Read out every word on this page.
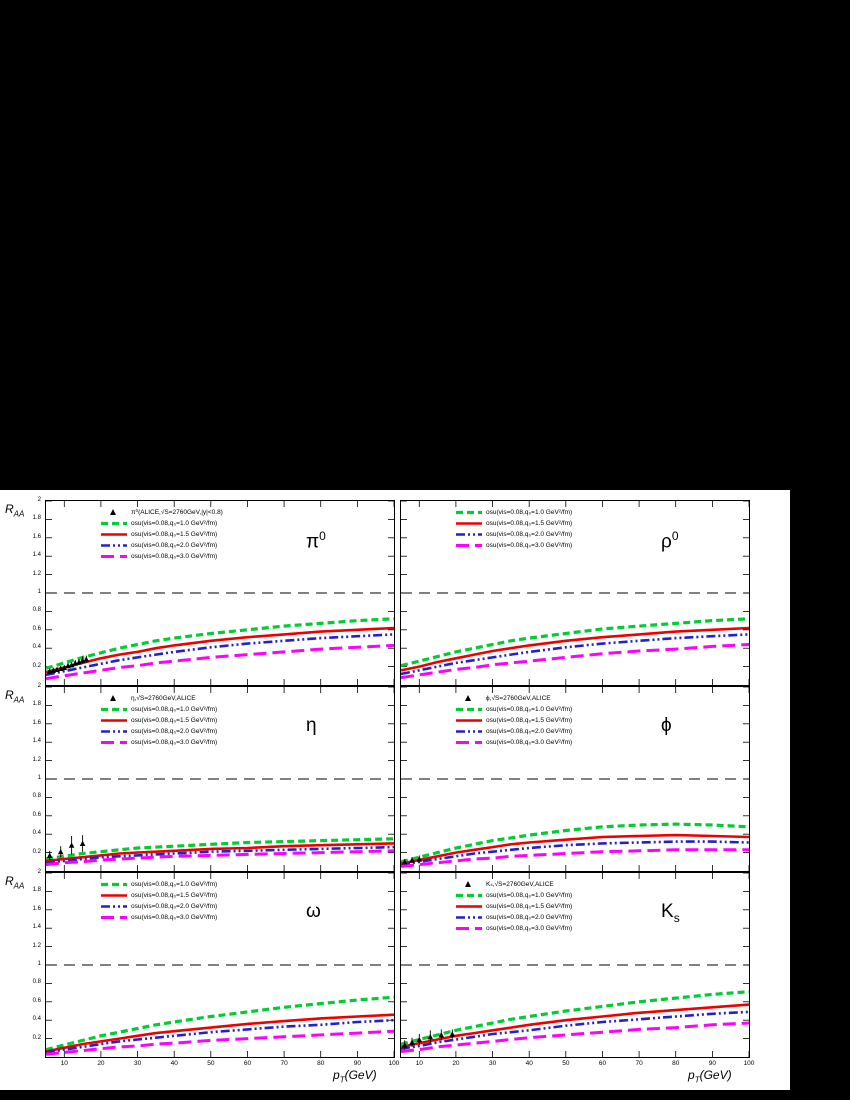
π⁰(ALICE,√S=2760GeV,|y|<0.8)
osu(vis=0.08,q₀=1.0 GeV²/fm)
osu(vis=0.08,q₀=1.5 GeV²/fm)
osu(vis=0.08,q₀=2.0 GeV²/fm)
osu(vis=0.08,q₀=3.0 GeV²/fm)
$\pi^0$
0.2
0.4
0.6
0.8
1
1.2
1.4
1.6
1.8
2
$R_{AA}$	osu(vis=0.08,q₀=1.0 GeV²/fm)
osu(vis=0.08,q₀=1.5 GeV²/fm)
osu(vis=0.08,q₀=2.0 GeV²/fm)
osu(vis=0.08,q₀=3.0 GeV²/fm)	$\rho^0$
η,√S=2760GeV,ALICE
osu(vis=0.08,q₀=1.0 GeV²/fm)
osu(vis=0.08,q₀=1.5 GeV²/fm)
osu(vis=0.08,q₀=2.0 GeV²/fm)
osu(vis=0.08,q₀=3.0 GeV²/fm)
η
0.2
0.4
0.6
0.8
1
1.2
1.4
1.6
1.8
2
$R_{AA}$	ϕ,√S=2760GeV,ALICE
osu(vis=0.08,q₀=1.0 GeV²/fm)
osu(vis=0.08,q₀=1.5 GeV²/fm)
osu(vis=0.08,q₀=2.0 GeV²/fm)
osu(vis=0.08,q₀=3.0 GeV²/fm)
ϕ
osu(vis=0.08,q₀=1.0 GeV²/fm)
osu(vis=0.08,q₀=1.5 GeV²/fm)
osu(vis=0.08,q₀=2.0 GeV²/fm)
osu(vis=0.08,q₀=3.0 GeV²/fm)	ω
0.2
0.4
0.6
0.8
1
1.2
1.4
1.6
1.8
2
$R_{AA}$
10	20	30	40	50	60	70	80	90	100
$p_T(GeV)$
Kₛ,√S=2760GeV,ALICE
osu(vis=0.08,q₀=1.0 GeV²/fm)
osu(vis=0.08,q₀=1.5 GeV²/fm)
osu(vis=0.08,q₀=2.0 GeV²/fm)
osu(vis=0.08,q₀=3.0 GeV²/fm)
$K_s$
10	20	30	40	50	60	70	80	90	100
$p_T(GeV)$
